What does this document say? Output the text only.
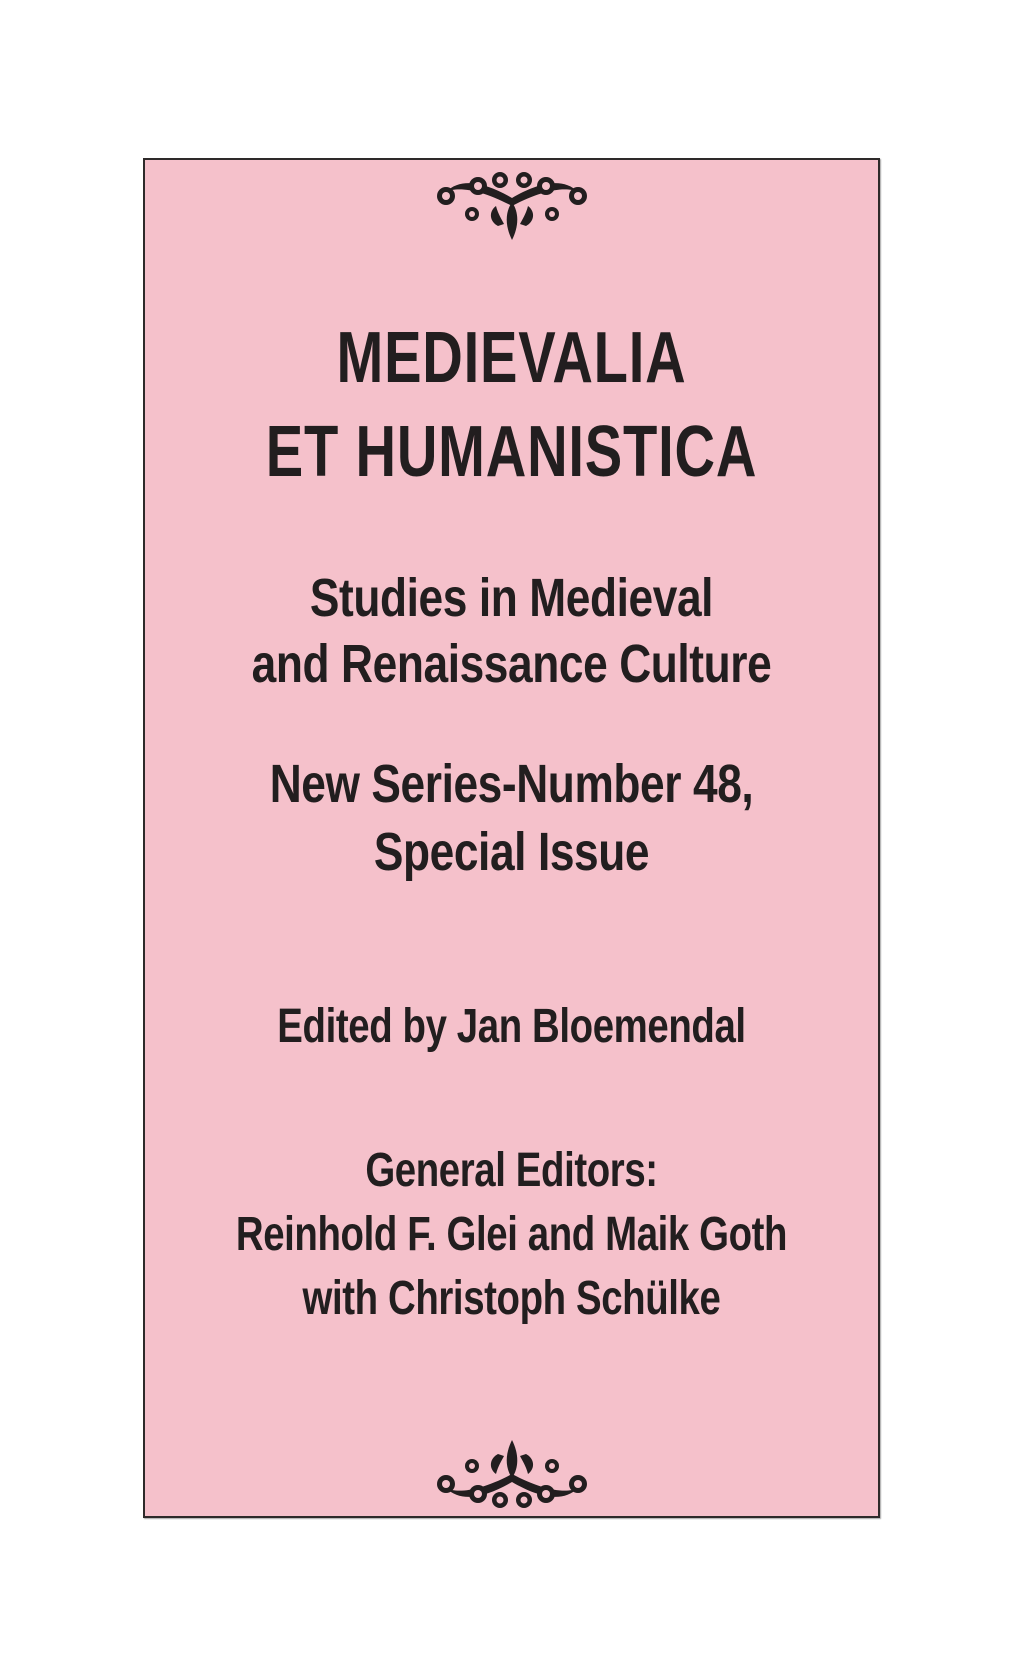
MEDIEVALIA
ET HUMANISTICA
Studies in Medieval
and Renaissance Culture
New Series-Number 48,
Special Issue
Edited by Jan Bloemendal
General Editors:
Reinhold F. Glei and Maik Goth
with Christoph Schülke
